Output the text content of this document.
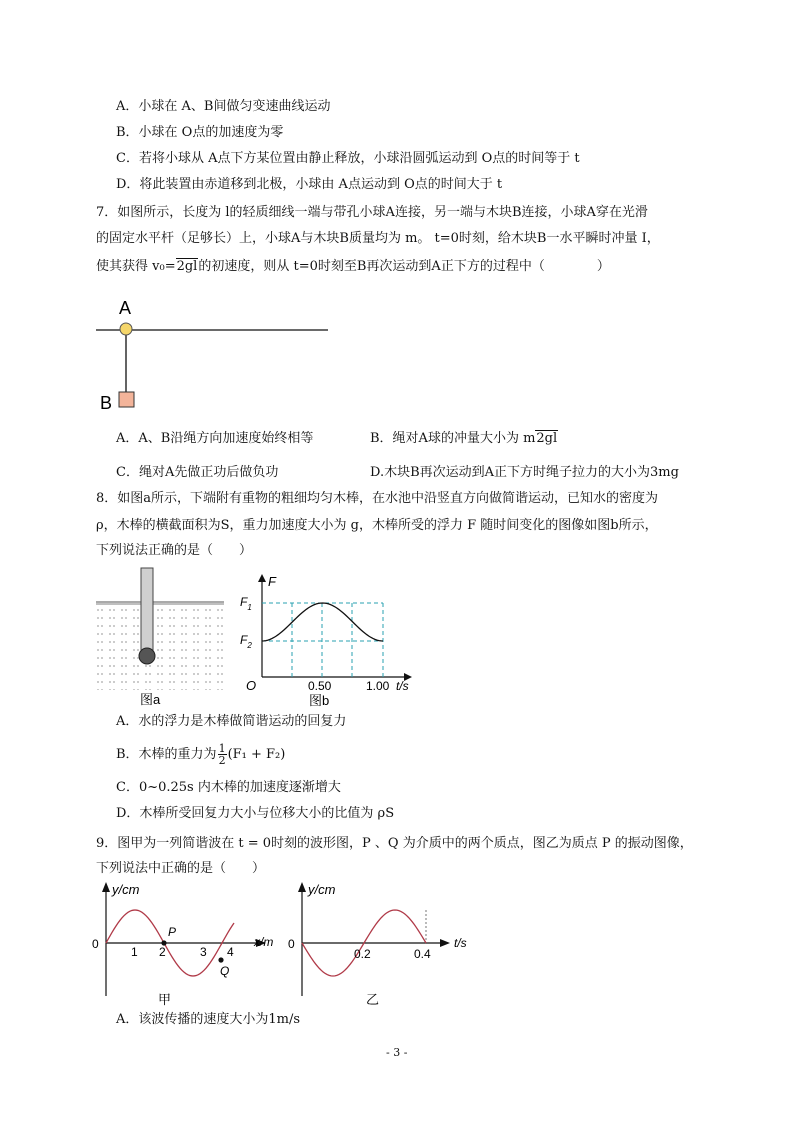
A．小球在 A、B间做匀变速曲线运动
B．小球在 O点的加速度为零
C．若将小球从 A点下方某位置由静止释放，小球沿圆弧运动到 O点的时间等于 t
D．将此装置由赤道移到北极，小球由 A点运动到 O点的时间大于 t
7．如图所示，长度为 l的轻质细线一端与带孔小球A连接，另一端与木块B连接，小球A穿在光滑
的固定水平杆（足够长）上，小球A与木块B质量均为 m。 t=0时刻，给木块B一水平瞬时冲量 I，
使其获得 v₀=2gl的初速度，则从 t=0时刻至B再次运动到A正下方的过程中（　　　　）
A
B
A．A、B沿绳方向加速度始终相等	B．绳对A球的冲量大小为 m2gl
C．绳对A先做正功后做负功	D.木块B再次运动到A正下方时绳子拉力的大小为3mg
8．如图a所示，下端附有重物的粗细均匀木棒，在水池中沿竖直方向做简谐运动，已知水的密度为
ρ，木棒的横截面积为S，重力加速度大小为 g，木棒所受的浮力 F 随时间变化的图像如图b所示，
下列说法正确的是（　　）
图a
F
$F_1$
$F_2$
O	0.50	1.00 t/s
图b
A．水的浮力是木棒做简谐运动的回复力
B．木棒的重力为 $\frac{1}{2} (F_1 + F_2)$
C．0~0.25s 内木棒的加速度逐渐增大
D．木棒所受回复力大小与位移大小的比值为 ρS
9．图甲为一列简谐波在 t = 0时刻的波形图，P 、Q 为介质中的两个质点，图乙为质点 P 的振动图像，
下列说法中正确的是（　　）
y/cm
0
1 2	3 4
x/m
P
Q
甲
y/cm
0
0.2	0.4
t/s
乙
A．该波传播的速度大小为1m/s
- 3 -
